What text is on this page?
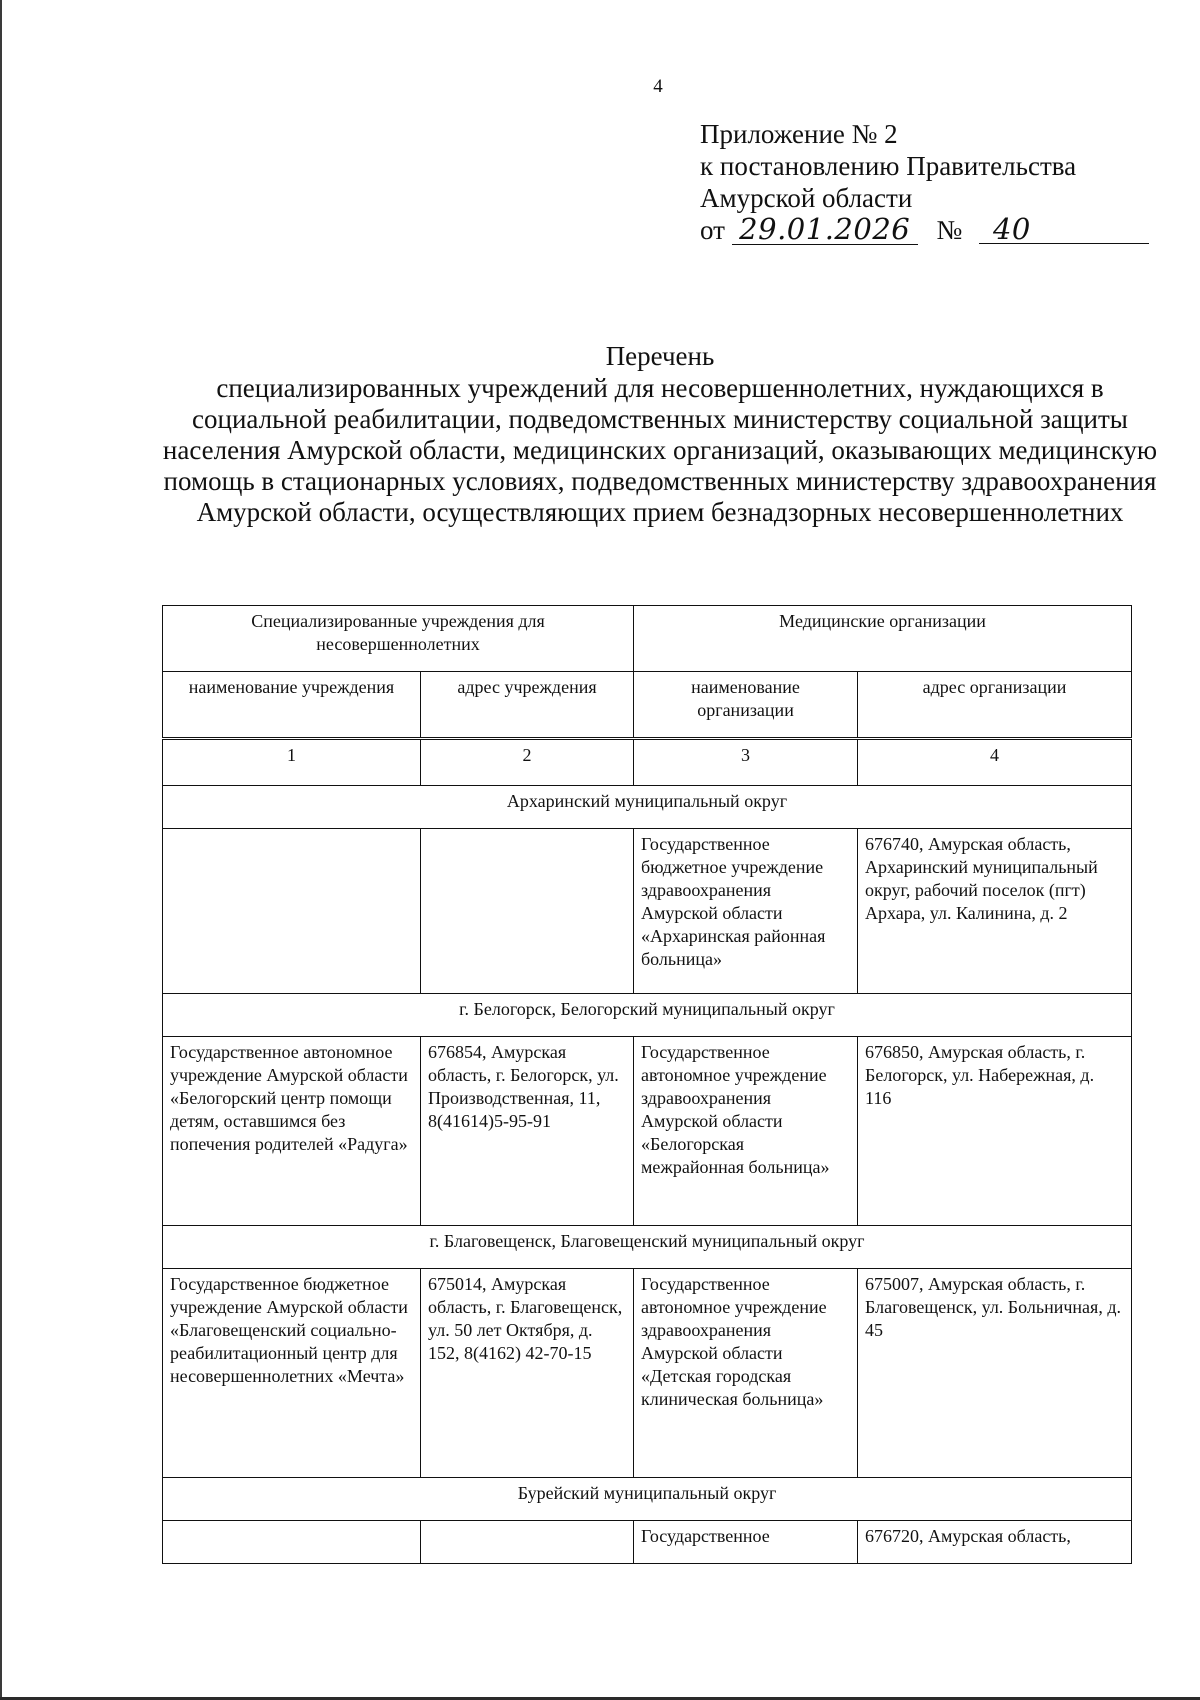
4
Приложение № 2
к постановлению Правительства
Амурской области
от 29.01.2026 № 40
Перечень
специализированных учреждений для несовершеннолетних, нуждающихся в социальной реабилитации, подведомственных министерству социальной защиты населения Амурской области, медицинских организаций, оказывающих медицинскую помощь в стационарных условиях, подведомственных министерству здравоохранения Амурской области, осуществляющих прием безнадзорных несовершеннолетних
Специализированные учреждения для несовершеннолетних		Медицинские организации	
наименование учреждения	адрес учреждения	наименование организации	адрес организации
1	2	3	4
Архаринский муниципальный округ			
		Государственное бюджетное учреждение здравоохранения Амурской области «Архаринская районная больница»	676740, Амурская область, Архаринский муниципальный округ, рабочий поселок (пгт) Архара, ул. Калинина, д. 2
г. Белогорск, Белогорский муниципальный округ			
Государственное автономное учреждение Амурской области «Белогорский центр помощи детям, оставшимся без попечения родителей «Радуга»	676854, Амурская область, г. Белогорск, ул. Производственная, 11, 8(41614)5-95-91	Государственное автономное учреждение здравоохранения Амурской области «Белогорская межрайонная больница»	676850, Амурская область, г. Белогорск, ул. Набережная, д. 116
г. Благовещенск, Благовещенский муниципальный округ			
Государственное бюджетное учреждение Амурской области «Благовещенский социально-реабилитационный центр для несовершеннолетних «Мечта»	675014, Амурская область, г. Благовещенск, ул. 50 лет Октября, д. 152, 8(4162) 42-70-15	Государственное автономное учреждение здравоохранения Амурской области «Детская городская клиническая больница»	675007, Амурская область, г. Благовещенск, ул. Больничная, д. 45
Бурейский муниципальный округ			
		Государственное	676720, Амурская область,
